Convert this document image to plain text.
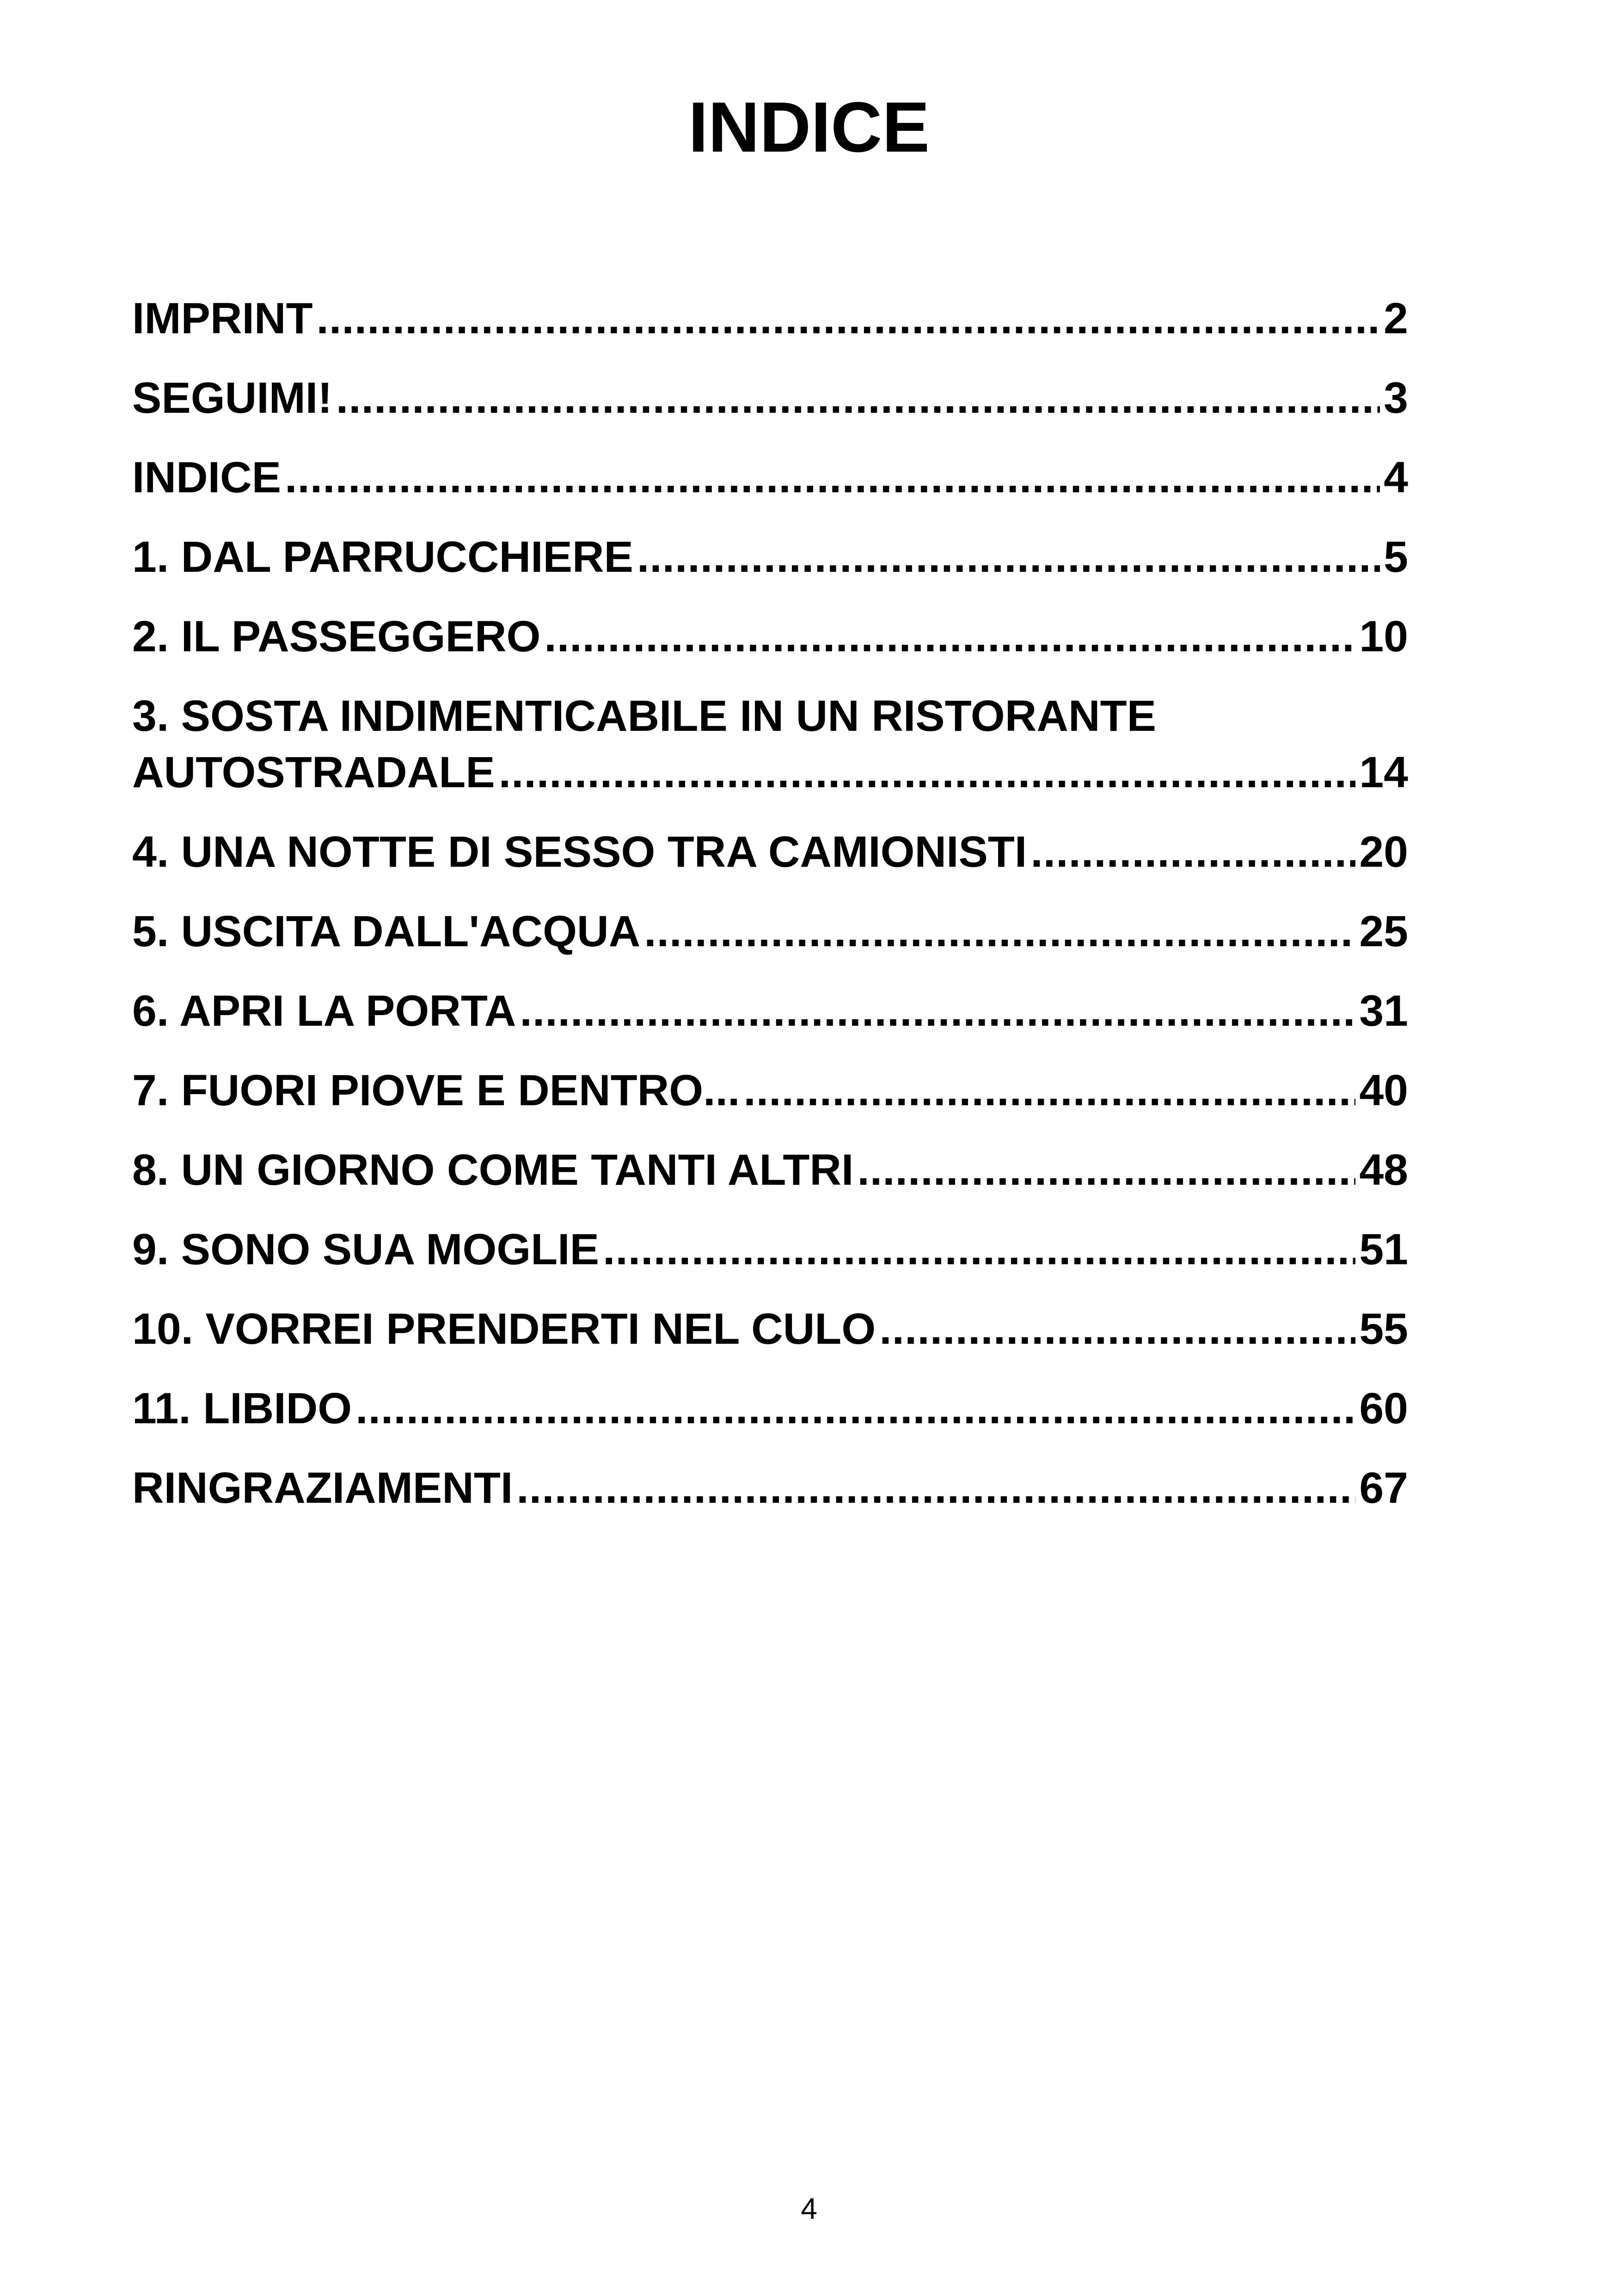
INDICE
IMPRINT .....	2
SEGUIMI! .....	3
INDICE .....	4
1. DAL PARRUCCHIERE .....	5
2. IL PASSEGGERO .....	10
3. SOSTA INDIMENTICABILE IN UN RISTORANTE
AUTOSTRADALE .....	14
4. UNA NOTTE DI SESSO TRA CAMIONISTI .....	20
5. USCITA DALL'ACQUA .....	25
6. APRI LA PORTA .....	31
7. FUORI PIOVE E DENTRO... .....	40
8. UN GIORNO COME TANTI ALTRI .....	48
9. SONO SUA MOGLIE .....	51
10. VORREI PRENDERTI NEL CULO .....	55
11. LIBIDO .....	60
RINGRAZIAMENTI .....	67
4
